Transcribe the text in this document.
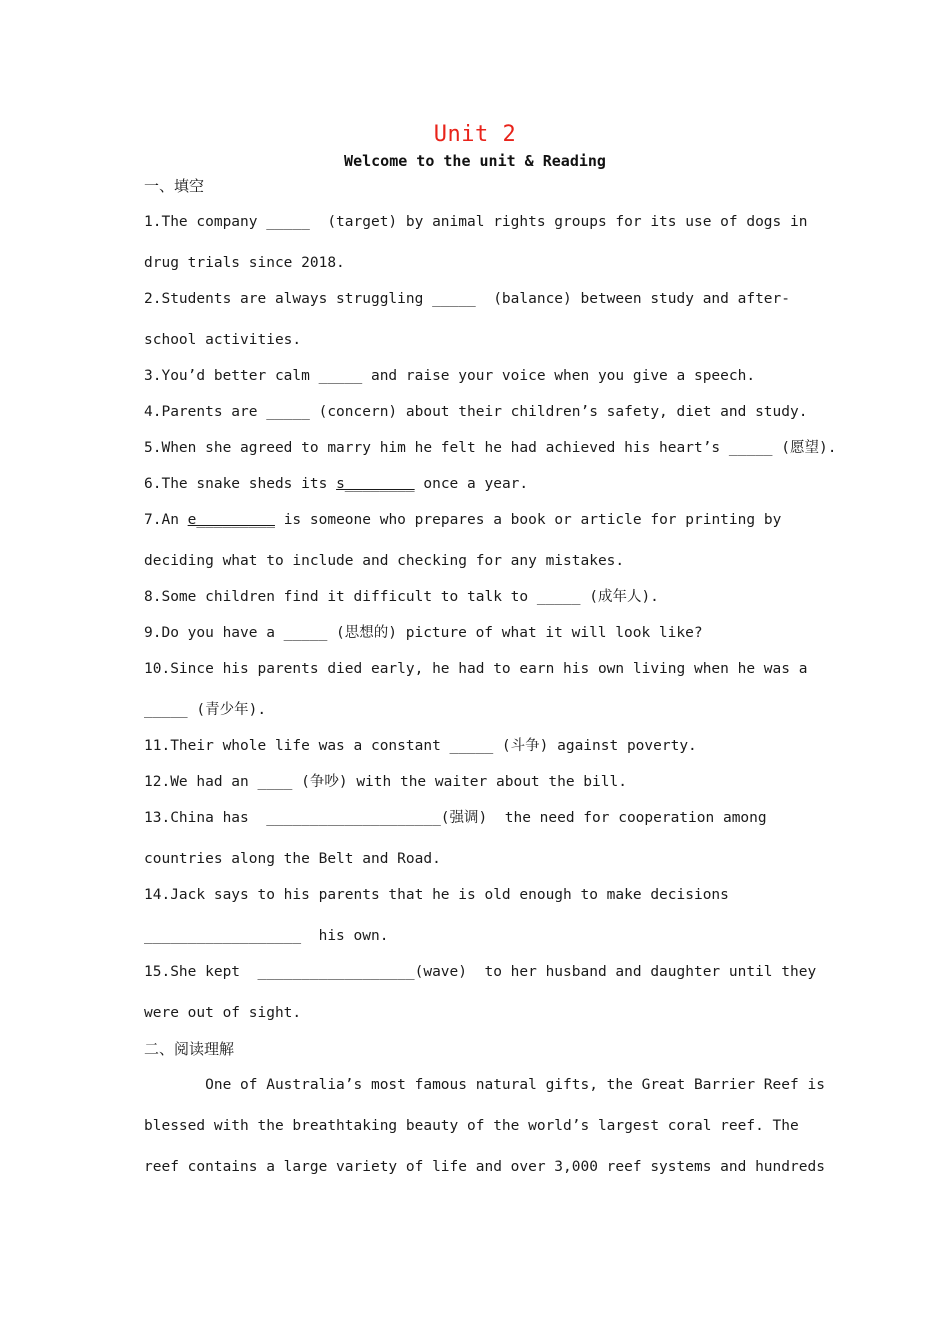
Unit 2
Welcome to the unit & Reading
一、填空
1.The company _____  (target) by animal rights groups for its use of dogs in
drug trials since 2018.
2.Students are always struggling _____  (balance) between study and after-
school activities.
3.You’d better calm _____ and raise your voice when you give a speech.
4.Parents are _____ (concern) about their children’s safety, diet and study.
5.When she agreed to marry him he felt he had achieved his heart’s _____ (愿望).
6.The snake sheds its s________ once a year.
7.An e_________ is someone who prepares a book or article for printing by
deciding what to include and checking for any mistakes.
8.Some children find it difficult to talk to _____ (成年人).
9.Do you have a _____ (思想的) picture of what it will look like?
10.Since his parents died early, he had to earn his own living when he was a
_____ (青少年).
11.Their whole life was a constant _____ (斗争) against poverty.
12.We had an ____ (争吵) with the waiter about the bill.
13.China has  ____________________(强调)  the need for cooperation among
countries along the Belt and Road.
14.Jack says to his parents that he is old enough to make decisions
__________________  his own.
15.She kept  __________________(wave)  to her husband and daughter until they
were out of sight.
二、阅读理解
One of Australia’s most famous natural gifts, the Great Barrier Reef is
blessed with the breathtaking beauty of the world’s largest coral reef. The
reef contains a large variety of life and over 3,000 reef systems and hundreds
